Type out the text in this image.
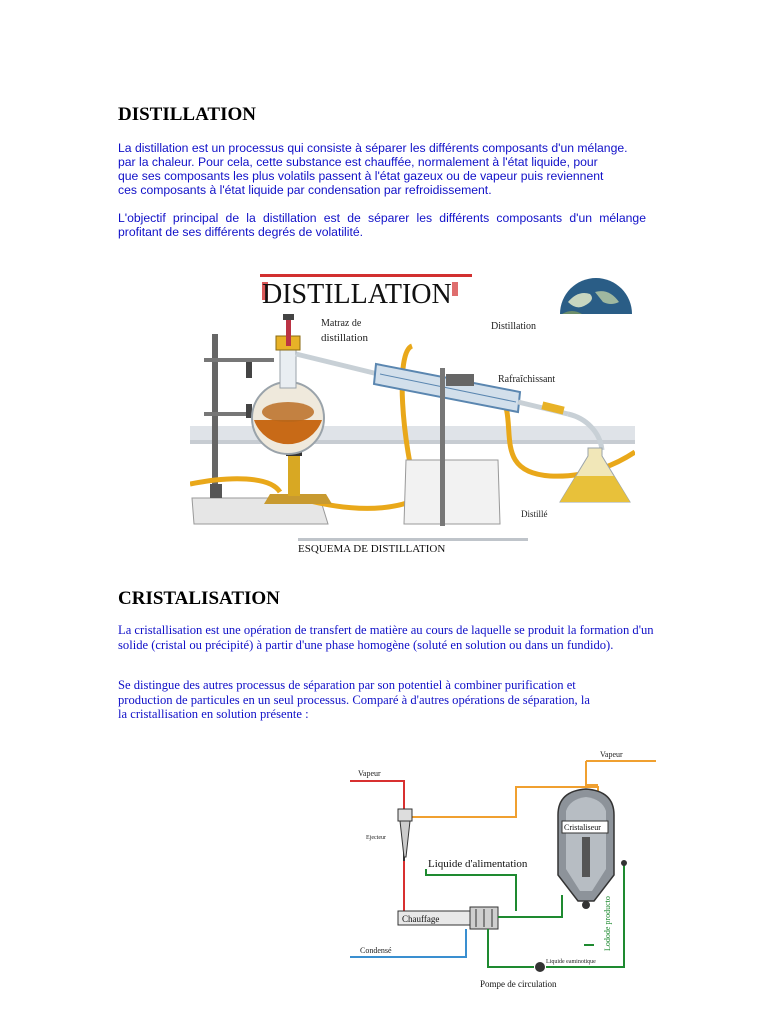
DISTILLATION
La distillation est un processus qui consiste à séparer les différents composants d'un mélange.
par la chaleur. Pour cela, cette substance est chauffée, normalement à l'état liquide, pour
que ses composants les plus volatils passent à l'état gazeux ou de vapeur puis reviennent
ces composants à l'état liquide par condensation par refroidissement.
L'objectif principal de la distillation est de séparer les différents composants d'un mélange profitant de ses différents degrés de volatilité.
DISTILLATION
Matraz de
distillation
Distillation
Rafraîchissant
Distillé
ESQUEMA DE DISTILLATION
CRISTALISATION
La cristallisation est une opération de transfert de matière au cours de laquelle se produit la formation d'un solide (cristal ou précipité) à partir d'une phase homogène (soluté en solution ou dans un fundido).
Se distingue des autres processus de séparation par son potentiel à combiner purification et
production de particules en un seul processus. Comparé à d'autres opérations de séparation, la
la cristallisation en solution présente :
Vapeur
Vapeur
Ejecteur
Cristaliseur
Liquide d'alimentation
Chauffage
Condensé
Liquide eaminotique
Pompe de circulation
Lodode producto
